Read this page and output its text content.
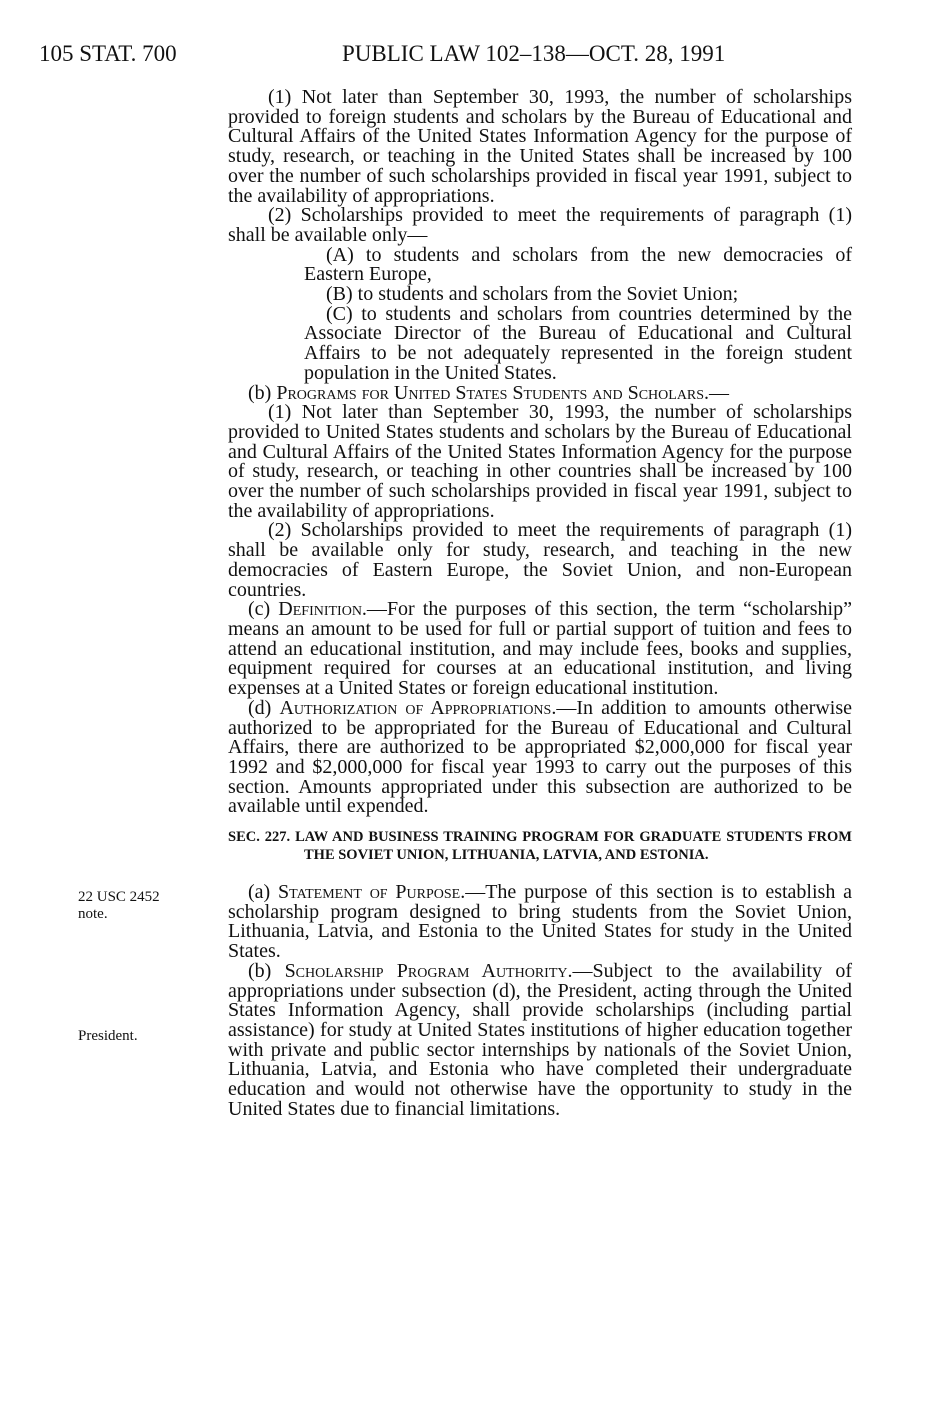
105 STAT. 700	PUBLIC LAW 102–138—OCT. 28, 1991
22 USC 2452 note.
President.

(1) Not later than September 30, 1993, the number of scholarships provided to foreign students and scholars by the Bureau of Educational and Cultural Affairs of the United States Information Agency for the purpose of study, research, or teaching in the United States shall be increased by 100 over the number of such scholarships provided in fiscal year 1991, subject to the availability of appropriations.

(2) Scholarships provided to meet the requirements of paragraph (1) shall be available only—

(A) to students and scholars from the new democracies of Eastern Europe,

(B) to students and scholars from the Soviet Union;

(C) to students and scholars from countries determined by the Associate Director of the Bureau of Educational and Cultural Affairs to be not adequately represented in the foreign student population in the United States.

(b) Programs for United States Students and Scholars.—

(1) Not later than September 30, 1993, the number of scholarships provided to United States students and scholars by the Bureau of Educational and Cultural Affairs of the United States Information Agency for the purpose of study, research, or teaching in other countries shall be increased by 100 over the number of such scholarships provided in fiscal year 1991, subject to the availability of appropriations.

(2) Scholarships provided to meet the requirements of paragraph (1) shall be available only for study, research, and teaching in the new democracies of Eastern Europe, the Soviet Union, and non-European countries.

(c) Definition.—For the purposes of this section, the term “scholarship” means an amount to be used for full or partial support of tuition and fees to attend an educational institution, and may include fees, books and supplies, equipment required for courses at an educational institution, and living expenses at a United States or foreign educational institution.

(d) Authorization of Appropriations.—In addition to amounts otherwise authorized to be appropriated for the Bureau of Educational and Cultural Affairs, there are authorized to be appropriated $2,000,000 for fiscal year 1992 and $2,000,000 for fiscal year 1993 to carry out the purposes of this section. Amounts appropriated under this subsection are authorized to be available until expended.

SEC. 227. LAW AND BUSINESS TRAINING PROGRAM FOR GRADUATE STUDENTS FROM THE SOVIET UNION, LITHUANIA, LATVIA, AND ESTONIA.

(a) Statement of Purpose.—The purpose of this section is to establish a scholarship program designed to bring students from the Soviet Union, Lithuania, Latvia, and Estonia to the United States for study in the United States.

(b) Scholarship Program Authority.—Subject to the availability of appropriations under subsection (d), the President, acting through the United States Information Agency, shall provide scholarships (including partial assistance) for study at United States institutions of higher education together with private and public sector internships by nationals of the Soviet Union, Lithuania, Latvia, and Estonia who have completed their undergraduate education and would not otherwise have the opportunity to study in the United States due to financial limitations.
